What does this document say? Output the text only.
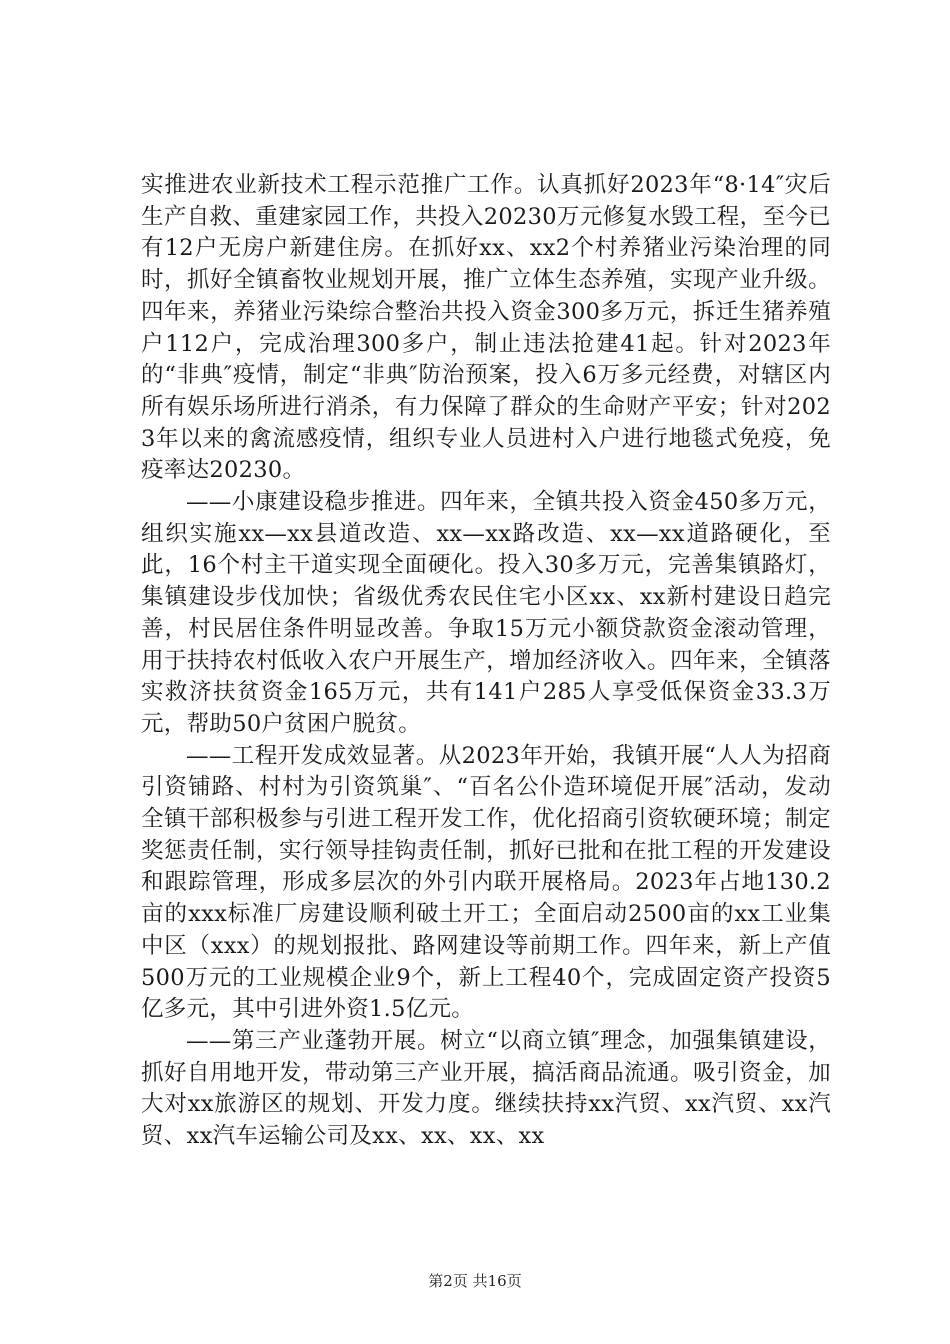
实推进农业新技术工程示范推广工作。认真抓好2023年“8·14″灾后生产自救、重建家园工作，共投入20230万元修复水毁工程，至今已有12户无房户新建住房。在抓好xx、xx2个村养猪业污染治理的同时，抓好全镇畜牧业规划开展，推广立体生态养殖，实现产业升级。四年来，养猪业污染综合整治共投入资金300多万元，拆迁生猪养殖户112户，完成治理300多户，制止违法抢建41起。针对2023年的“非典″疫情，制定“非典″防治预案，投入6万多元经费，对辖区内所有娱乐场所进行消杀，有力保障了群众的生命财产平安；针对2023年以来的禽流感疫情，组织专业人员进村入户进行地毯式免疫，免疫率达20230。

——小康建设稳步推进。四年来，全镇共投入资金450多万元，组织实施xx—xx县道改造、xx—xx路改造、xx—xx道路硬化，至此，16个村主干道实现全面硬化。投入30多万元，完善集镇路灯，集镇建设步伐加快；省级优秀农民住宅小区xx、xx新村建设日趋完善，村民居住条件明显改善。争取15万元小额贷款资金滚动管理，用于扶持农村低收入农户开展生产，增加经济收入。四年来，全镇落实救济扶贫资金165万元，共有141户285人享受低保资金33.3万元，帮助50户贫困户脱贫。

——工程开发成效显著。从2023年开始，我镇开展“人人为招商引资铺路、村村为引资筑巢″、“百名公仆造环境促开展″活动，发动全镇干部积极参与引进工程开发工作，优化招商引资软硬环境；制定奖惩责任制，实行领导挂钩责任制，抓好已批和在批工程的开发建设和跟踪管理，形成多层次的外引内联开展格局。2023年占地130.2亩的xxx标准厂房建设顺利破土开工；全面启动2500亩的xx工业集中区（xxx）的规划报批、路网建设等前期工作。四年来，新上产值500万元的工业规模企业9个，新上工程40个，完成固定资产投资5亿多元，其中引进外资1.5亿元。

——第三产业蓬勃开展。树立“以商立镇″理念，加强集镇建设，抓好自用地开发，带动第三产业开展，搞活商品流通。吸引资金，加大对xx旅游区的规划、开发力度。继续扶持xx汽贸、xx汽贸、xx汽贸、xx汽车运输公司及xx、xx、xx、xx

第2页 共16页
